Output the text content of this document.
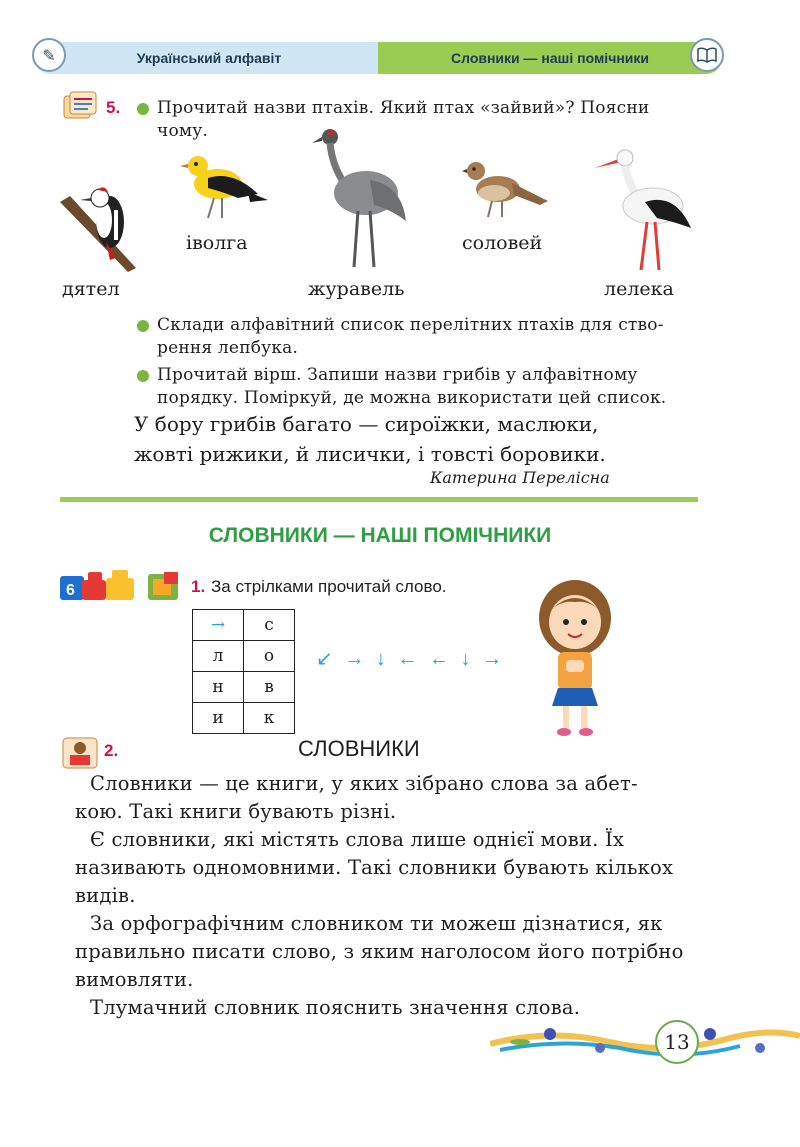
Український алфавіт	Словники — наші помічники
✎
5. Прочитай назви птахів. Який птах «зайвий»? Поясни
чому.
дятел
іволга
журавель
соловей
лелека
Склади алфавітний список перелітних птахів для ство-
рення лепбука.
Прочитай вірш. Запиши назви грибів у алфавітному
порядку. Поміркуй, де можна використати цей список.
У бору грибів багато — сироїжки, маслюки,
жовті рижики, й лисички, і товсті боровики.
Катерина Перелісна
СЛОВНИКИ — НАШІ ПОМІЧНИКИ
6	1. За стрілками прочитай слово.
→	с
л	о
н	в
и	к
↙ → ↓ ← ← ↓ →
2.	СЛОВНИКИ
Словники — це книги, у яких зібрано слова за абет-
кою. Такі книги бувають різні.
Є словники, які містять слова лише однієї мови. Їх
називають одномовними. Такі словники бувають кількох
видів.
За орфографічним словником ти можеш дізнатися, як
правильно писати слово, з яким наголосом його потрібно
вимовляти.
Тлумачний словник пояснить значення слова.
13
